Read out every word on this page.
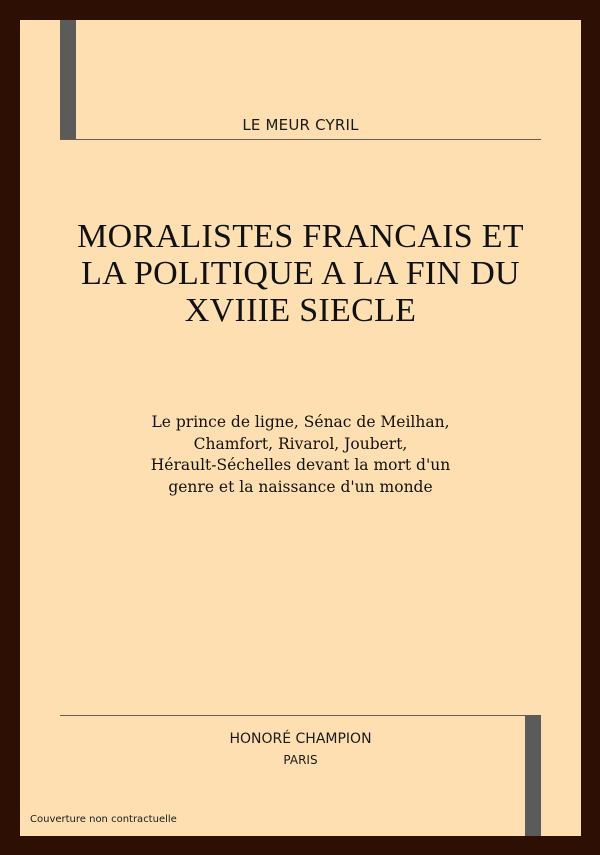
LE MEUR CYRIL
MORALISTES FRANCAIS ET
LA POLITIQUE A LA FIN DU
XVIIIE SIECLE
Le prince de ligne, Sénac de Meilhan,
Chamfort, Rivarol, Joubert,
Hérault-Séchelles devant la mort d'un
genre et la naissance d'un monde
HONORÉ CHAMPION
PARIS
Couverture non contractuelle
